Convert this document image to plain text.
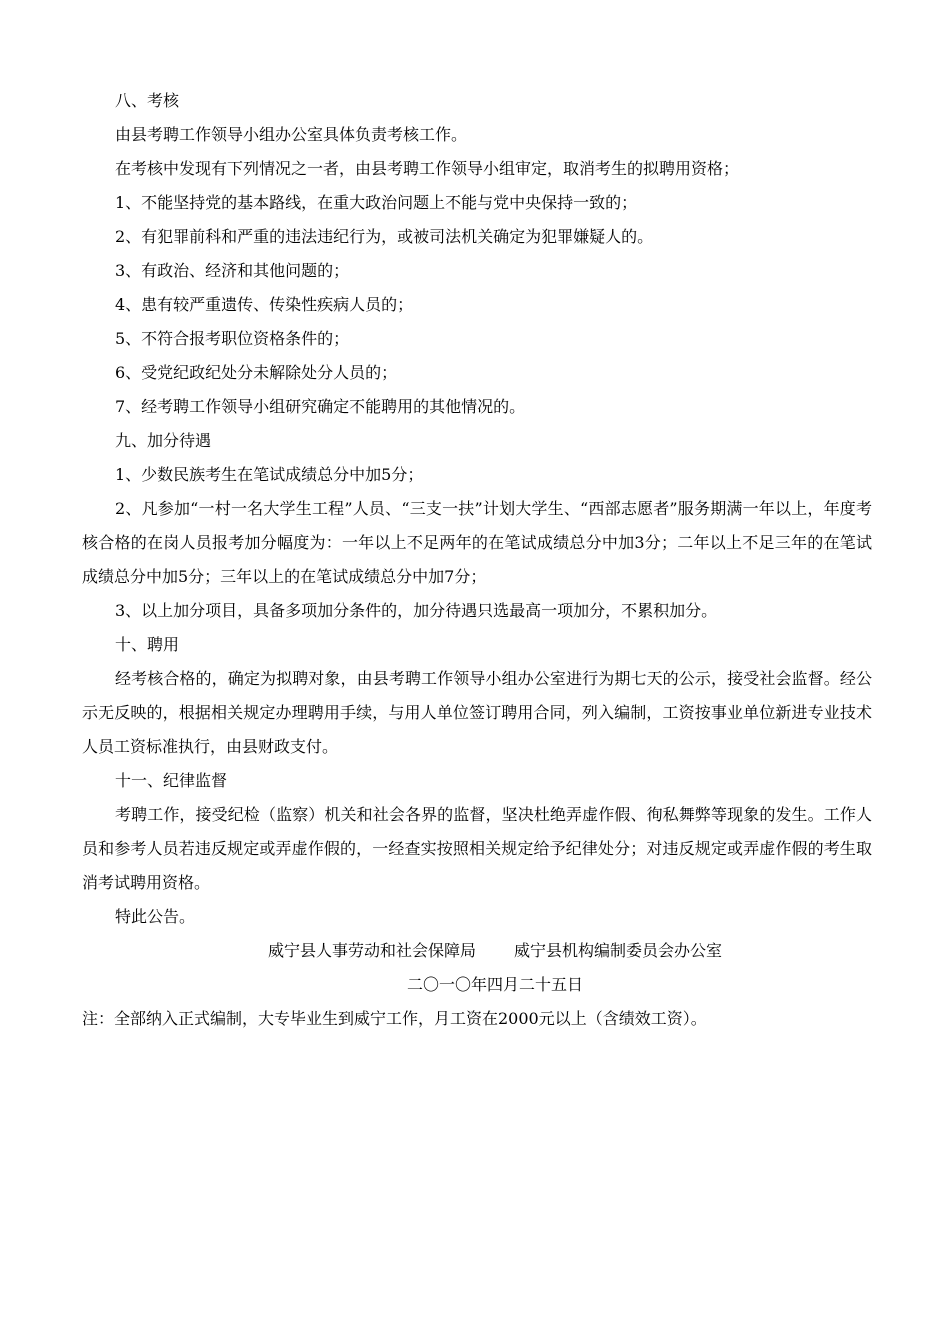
八、考核

由县考聘工作领导小组办公室具体负责考核工作。

在考核中发现有下列情况之一者，由县考聘工作领导小组审定，取消考生的拟聘用资格；

1、不能坚持党的基本路线，在重大政治问题上不能与党中央保持一致的；

2、有犯罪前科和严重的违法违纪行为，或被司法机关确定为犯罪嫌疑人的。

3、有政治、经济和其他问题的；

4、患有较严重遗传、传染性疾病人员的；

5、不符合报考职位资格条件的；

6、受党纪政纪处分未解除处分人员的；

7、经考聘工作领导小组研究确定不能聘用的其他情况的。

九、加分待遇

1、少数民族考生在笔试成绩总分中加5分；

2、凡参加“一村一名大学生工程”人员、“三支一扶”计划大学生、“西部志愿者”服务期满一年以上，年度考核合格的在岗人员报考加分幅度为：一年以上不足两年的在笔试成绩总分中加3分；二年以上不足三年的在笔试成绩总分中加5分；三年以上的在笔试成绩总分中加7分；

3、以上加分项目，具备多项加分条件的，加分待遇只选最高一项加分，不累积加分。

十、聘用

经考核合格的，确定为拟聘对象，由县考聘工作领导小组办公室进行为期七天的公示，接受社会监督。经公示无反映的，根据相关规定办理聘用手续，与用人单位签订聘用合同，列入编制，工资按事业单位新进专业技术人员工资标准执行，由县财政支付。

十一、纪律监督

考聘工作，接受纪检（监察）机关和社会各界的监督，坚决杜绝弄虚作假、徇私舞弊等现象的发生。工作人员和参考人员若违反规定或弄虚作假的，一经查实按照相关规定给予纪律处分；对违反规定或弄虚作假的考生取消考试聘用资格。

特此公告。

威宁县人事劳动和社会保障局 威宁县机构编制委员会办公室

二〇一〇年四月二十五日

注：全部纳入正式编制，大专毕业生到威宁工作，月工资在2000元以上（含绩效工资）。
